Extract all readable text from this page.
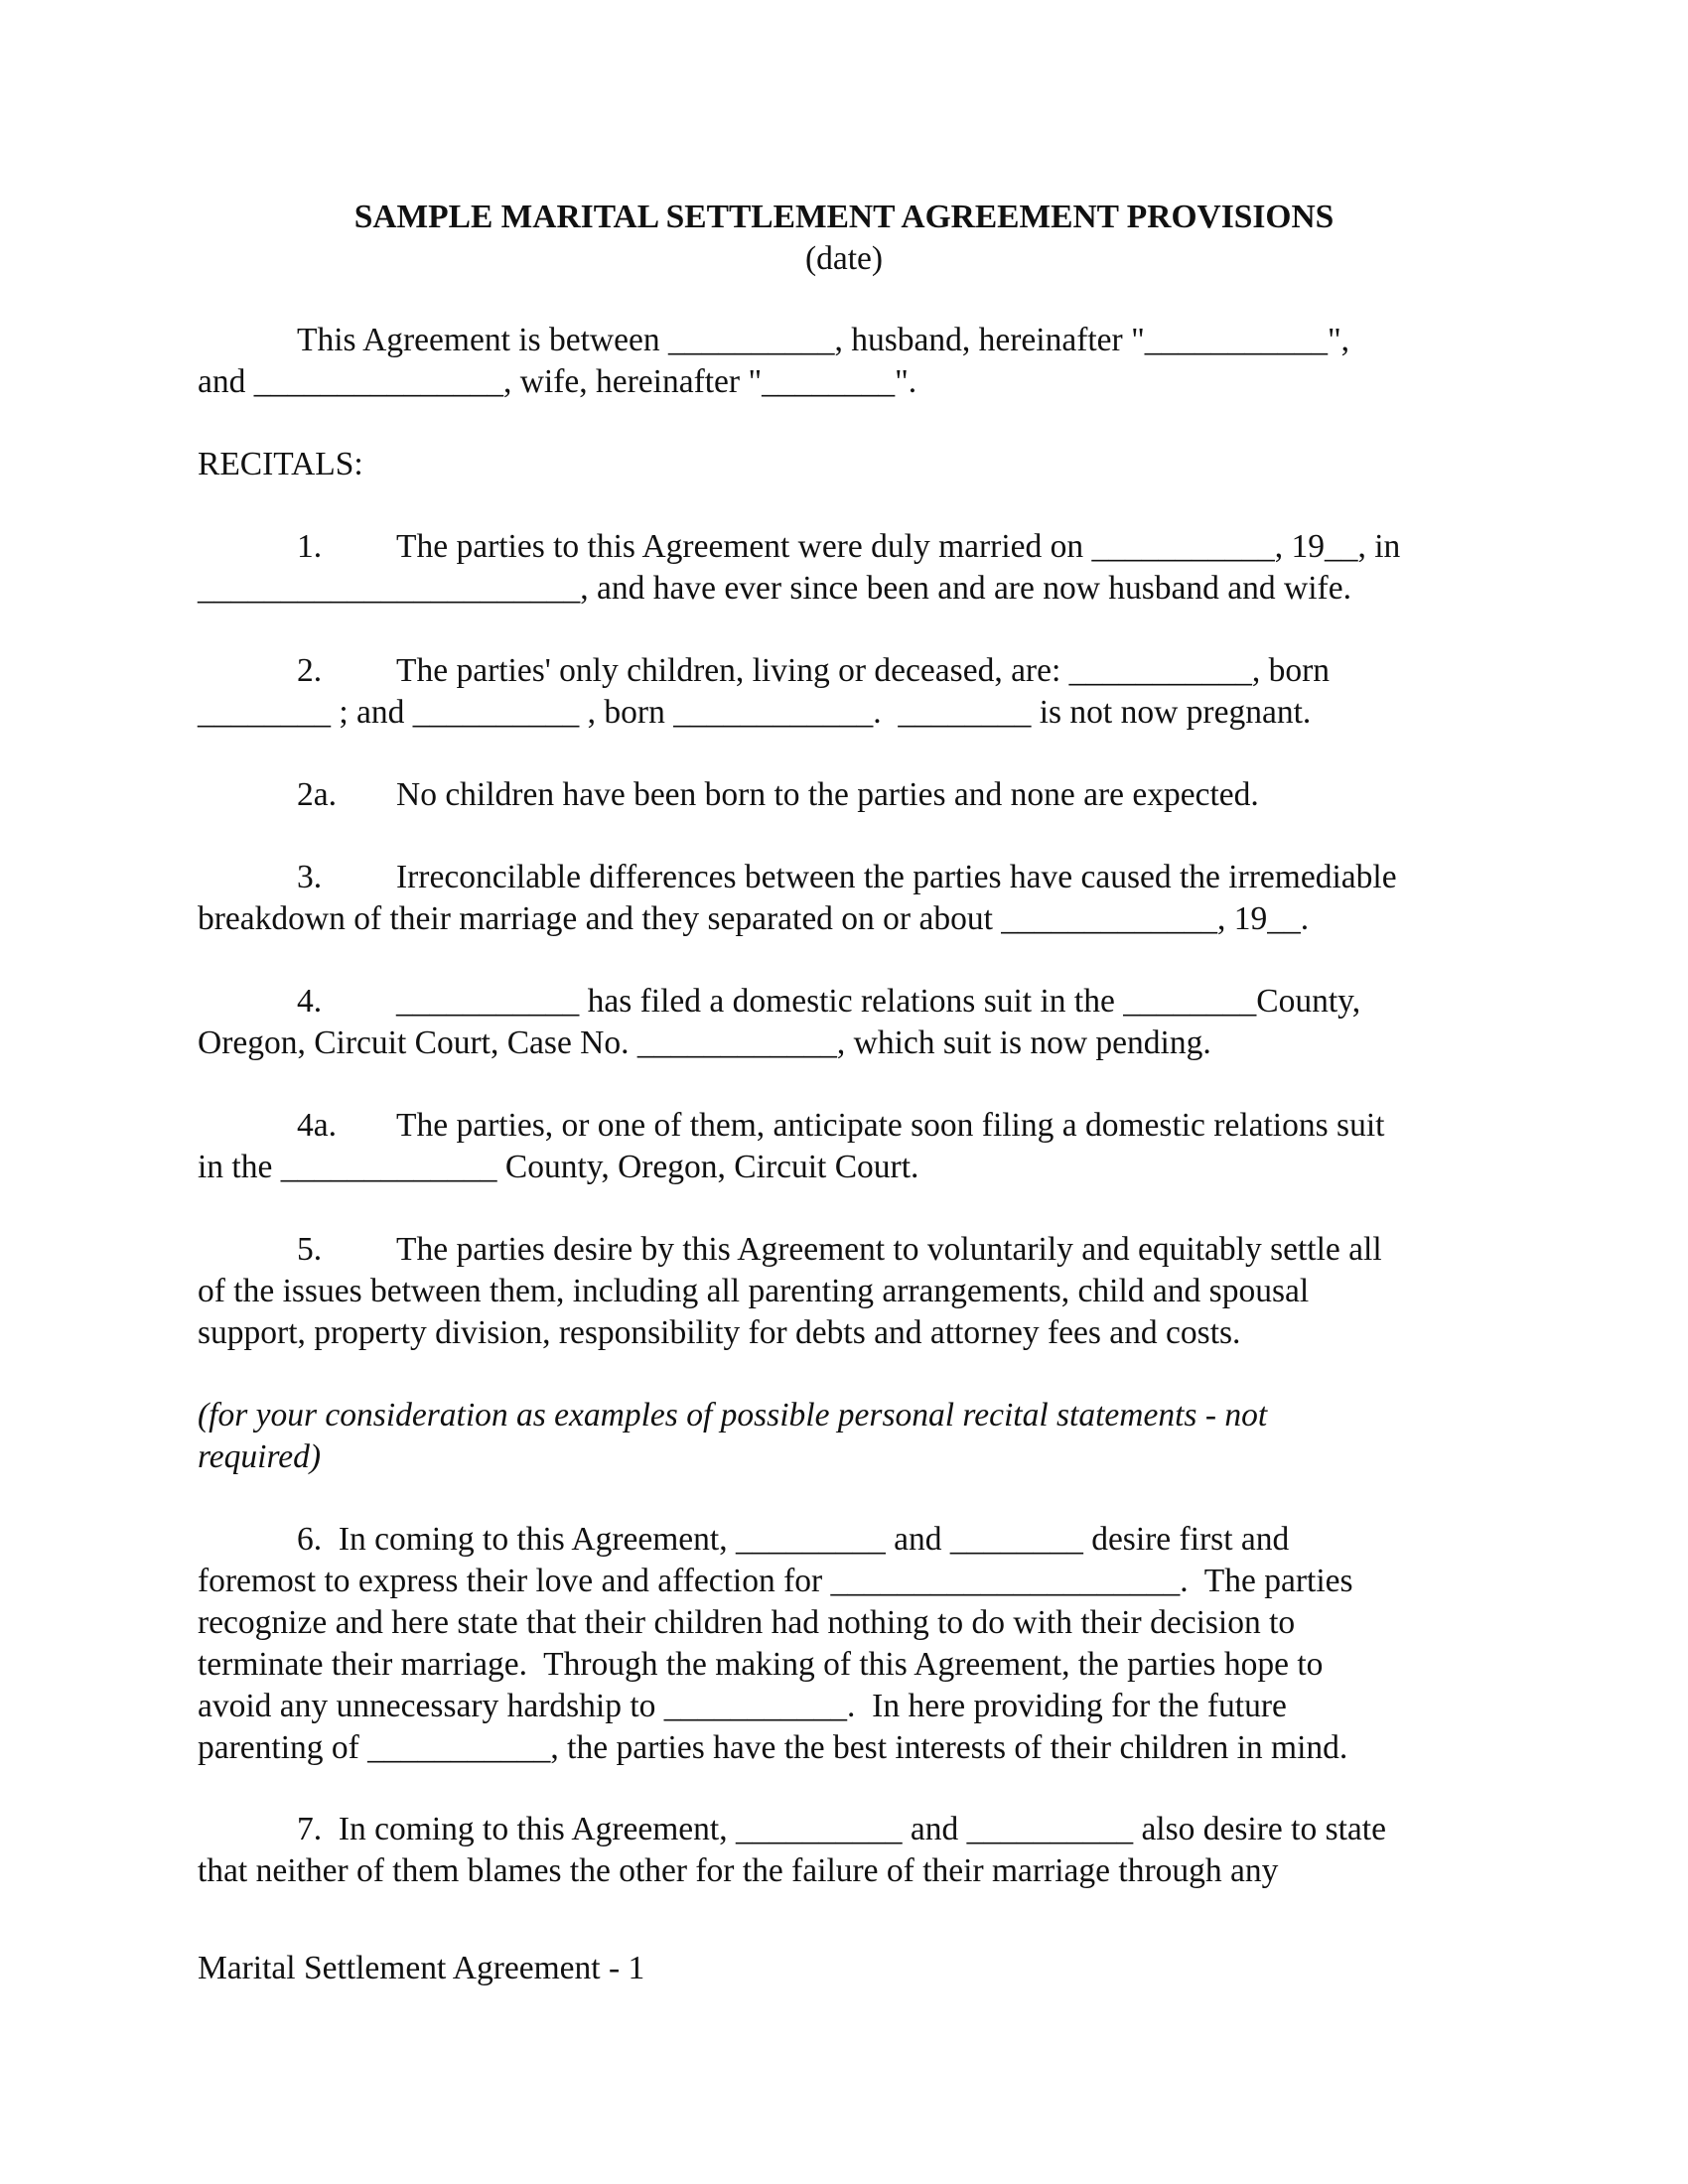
SAMPLE MARITAL SETTLEMENT AGREEMENT PROVISIONS
(date)
This Agreement is between __________, husband, hereinafter "___________",
and _______________, wife, hereinafter "________".
RECITALS:
1. The parties to this Agreement were duly married on ___________, 19__, in
_______________________, and have ever since been and are now husband and wife.
2. The parties' only children, living or deceased, are: ___________, born
________ ; and __________ , born ____________.  ________ is not now pregnant.
2a. No children have been born to the parties and none are expected.
3. Irreconcilable differences between the parties have caused the irremediable
breakdown of their marriage and they separated on or about _____________, 19__.
4. ___________ has filed a domestic relations suit in the ________County,
Oregon, Circuit Court, Case No. ____________, which suit is now pending.
4a. The parties, or one of them, anticipate soon filing a domestic relations suit
in the _____________ County, Oregon, Circuit Court.
5. The parties desire by this Agreement to voluntarily and equitably settle all
of the issues between them, including all parenting arrangements, child and spousal
support, property division, responsibility for debts and attorney fees and costs.
(for your consideration as examples of possible personal recital statements - not
required)
6.  In coming to this Agreement, _________ and ________ desire first and
foremost to express their love and affection for _____________________.  The parties
recognize and here state that their children had nothing to do with their decision to
terminate their marriage.  Through the making of this Agreement, the parties hope to
avoid any unnecessary hardship to ___________.  In here providing for the future
parenting of ___________, the parties have the best interests of their children in mind.
7.  In coming to this Agreement, __________ and __________ also desire to state
that neither of them blames the other for the failure of their marriage through any
Marital Settlement Agreement - 1
